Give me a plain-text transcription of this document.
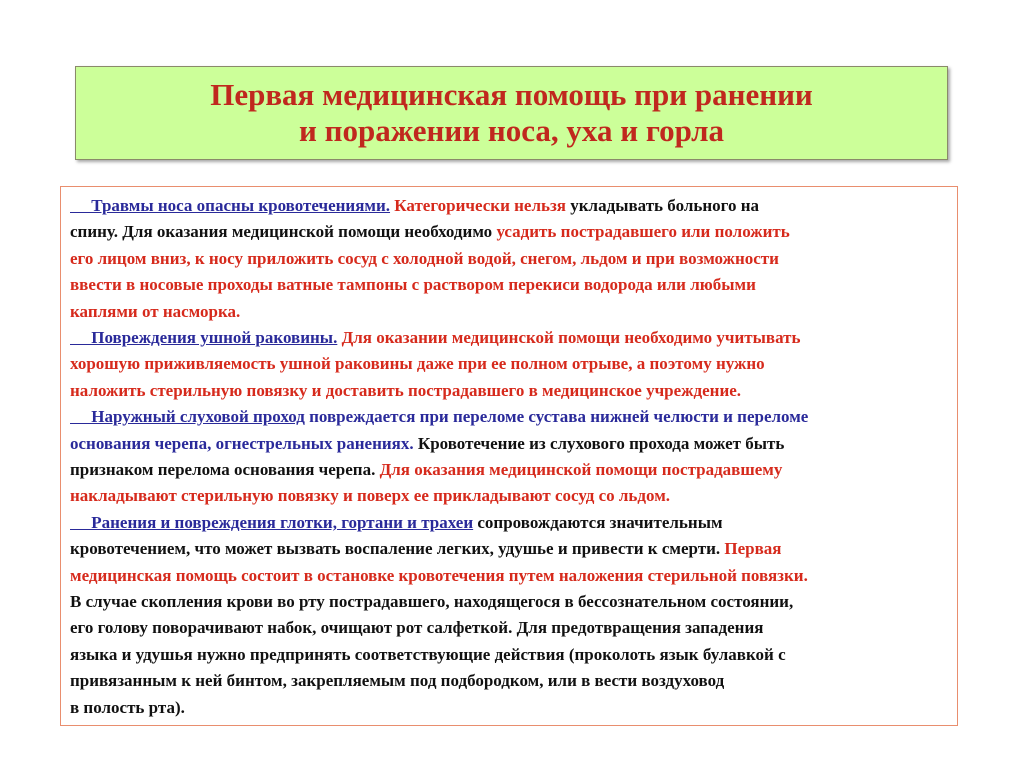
Первая медицинская помощь при ранении
и поражении носа, уха и горла
Травмы носа опасны кровотечениями. Категорически нельзя укладывать больного на
спину. Для оказания медицинской помощи необходимо усадить пострадавшего или положить
его лицом вниз, к носу приложить сосуд с холодной водой, снегом, льдом и при возможности
ввести в носовые проходы ватные тампоны с раствором перекиси водорода или любыми
каплями от насморка.
Повреждения ушной раковины. Для оказании медицинской помощи необходимо учитывать
хорошую приживляемость ушной раковины даже при ее полном отрыве, а поэтому нужно
наложить стерильную повязку и доставить пострадавшего в медицинское учреждение.
Наружный слуховой проход повреждается при переломе сустава нижней челюсти и переломе
основания черепа, огнестрельных ранениях. Кровотечение из слухового прохода может быть
признаком перелома основания черепа. Для оказания медицинской помощи пострадавшему
накладывают стерильную повязку и поверх ее прикладывают сосуд со льдом.
Ранения и повреждения глотки, гортани и трахеи сопровождаются значительным
кровотечением, что может вызвать воспаление легких, удушье и привести к смерти. Первая
медицинская помощь состоит в остановке кровотечения путем наложения стерильной повязки.
В случае скопления крови во рту пострадавшего, находящегося в бессознательном состоянии,
его голову поворачивают набок, очищают рот салфеткой. Для предотвращения западения
языка и удушья нужно предпринять соответствующие действия (проколоть язык булавкой с
привязанным к ней бинтом, закрепляемым под подбородком, или в вести воздуховод
в полость рта).
